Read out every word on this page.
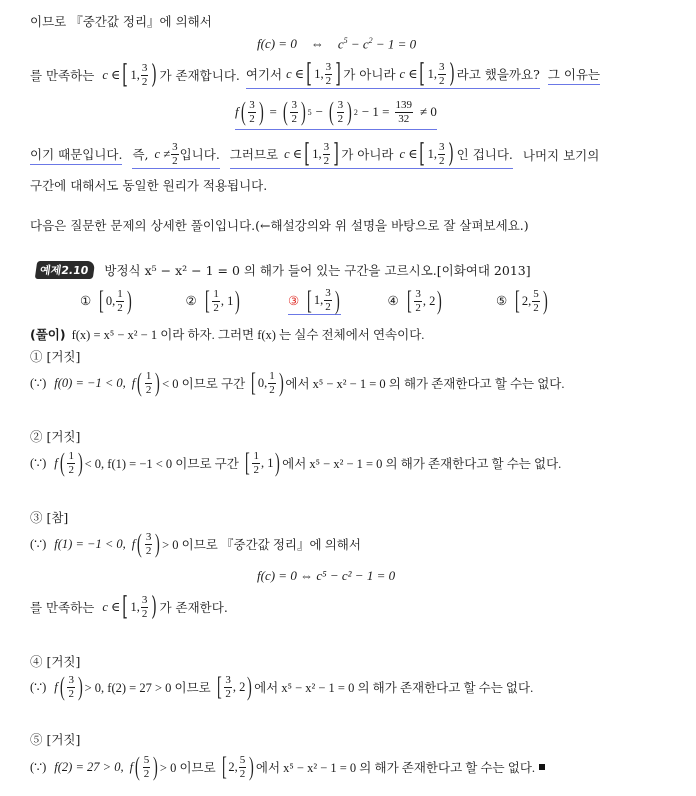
이므로 『중간값 정리』에 의해서
f(c) = 0 ⇔ $c^5 - c^2 - 1 = 0$
를 만족하는 c ∈ [ 1, $\frac{3}{2}$ ) 가 존재합니다. 여기서 c ∈ [ 1, $\frac{3}{2}$ ] 가 아니라 c ∈ [ 1, $\frac{3}{2}$ ) 라고 했을까요? 그 이유는
f ( $\frac{3}{2}$ ) = ( $\frac{3}{2}$ ) 5 − ( $\frac{3}{2}$ ) $2 - 1 = \frac{139}{32} \ne 0$
이기 때문입니다. 즉, $c \ne \frac{3}{2}$ 입니다. 그러므로 c ∈ [ 1, $\frac{3}{2}$ ] 가 아니라 c ∈ [ 1, $\frac{3}{2}$ ) 인 겁니다. 나머지 보기의
구간에 대해서도 동일한 원리가 적용됩니다.
다음은 질문한 문제의 상세한 풀이입니다.(←해설강의와 위 설명을 바탕으로 잘 살펴보세요.)
예제2.10	방정식 x⁵ − x² − 1 = 0 의 해가 들어 있는 구간을 고르시오.[이화여대 2013]
① [ 0, $\frac{1}{2}$ )	② [ $\frac{1}{2}$ , 1 )	③ [ 1, $\frac{3}{2}$ )	④ [ $\frac{3}{2}$ , 2 )	⑤ [ 2, $\frac{5}{2}$ )
(풀이) f(x) = x⁵ − x² − 1 이라 하자. 그러면 f(x) 는 실수 전체에서 연속이다.
① [거짓]
(∵) f(0) = −1 < 0, f ( $\frac{1}{2}$ ) < 0 이므로 구간 [ 0, $\frac{1}{2}$ ) 에서 x⁵ − x² − 1 = 0 의 해가 존재한다고 할 수는 없다.
② [거짓]
(∵) f ( $\frac{1}{2}$ ) < 0, f(1) = −1 < 0 이므로 구간 [ $\frac{1}{2}$ , 1 ) 에서 x⁵ − x² − 1 = 0 의 해가 존재한다고 할 수는 없다.
③ [참]
(∵) f(1) = −1 < 0, f ( $\frac{3}{2}$ ) > 0 이므로 『중간값 정리』에 의해서
f(c) = 0 ⇔ c⁵ − c² − 1 = 0
를 만족하는 c ∈ [ 1, $\frac{3}{2}$ ) 가 존재한다.
④ [거짓]
(∵) f ( $\frac{3}{2}$ ) > 0, f(2) = 27 > 0 이므로 [ $\frac{3}{2}$ , 2 ) 에서 x⁵ − x² − 1 = 0 의 해가 존재한다고 할 수는 없다.
⑤ [거짓]
(∵) f(2) = 27 > 0, f ( $\frac{5}{2}$ ) > 0 이므로 [ 2, $\frac{5}{2}$ ) 에서 x⁵ − x² − 1 = 0 의 해가 존재한다고 할 수는 없다.
